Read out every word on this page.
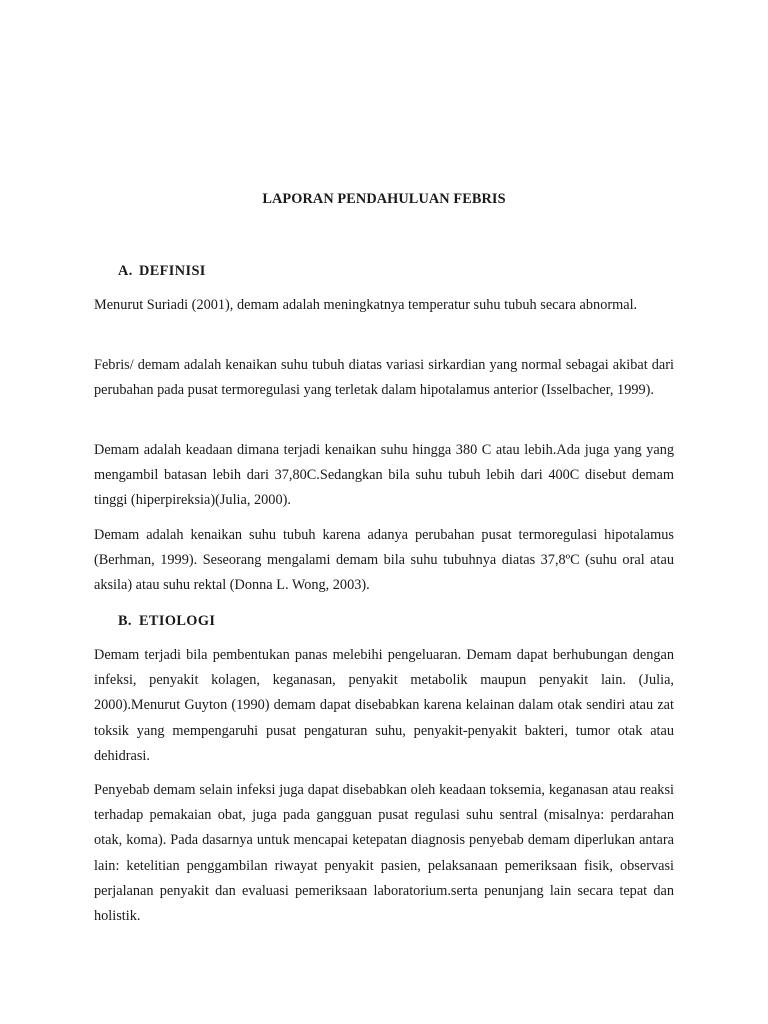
LAPORAN PENDAHULUAN FEBRIS
A. DEFINISI

Menurut Suriadi (2001), demam adalah meningkatnya temperatur suhu tubuh secara abnormal.

Febris/ demam adalah kenaikan suhu tubuh diatas variasi sirkardian yang normal sebagai akibat dari perubahan pada pusat termoregulasi yang terletak dalam hipotalamus anterior (Isselbacher, 1999).

Demam adalah keadaan dimana terjadi kenaikan suhu hingga 380 C atau lebih.Ada juga yang yang mengambil batasan lebih dari 37,80C.Sedangkan bila suhu tubuh lebih dari 400C disebut demam tinggi (hiperpireksia)(Julia, 2000).

Demam adalah kenaikan suhu tubuh karena adanya perubahan pusat termoregulasi hipotalamus (Berhman, 1999). Seseorang mengalami demam bila suhu tubuhnya diatas 37,8ºC (suhu oral atau aksila) atau suhu rektal (Donna L. Wong, 2003).

B. ETIOLOGI

Demam terjadi bila pembentukan panas melebihi pengeluaran. Demam dapat berhubungan dengan infeksi, penyakit kolagen, keganasan, penyakit metabolik maupun penyakit lain. (Julia, 2000).Menurut Guyton (1990) demam dapat disebabkan karena kelainan dalam otak sendiri atau zat toksik yang mempengaruhi pusat pengaturan suhu, penyakit-penyakit bakteri, tumor otak atau dehidrasi.

Penyebab demam selain infeksi juga dapat disebabkan oleh keadaan toksemia, keganasan atau reaksi terhadap pemakaian obat, juga pada gangguan pusat regulasi suhu sentral (misalnya: perdarahan otak, koma). Pada dasarnya untuk mencapai ketepatan diagnosis penyebab demam diperlukan antara lain: ketelitian penggambilan riwayat penyakit pasien, pelaksanaan pemeriksaan fisik, observasi perjalanan penyakit dan evaluasi pemeriksaan laboratorium.serta penunjang lain secara tepat dan holistik.
